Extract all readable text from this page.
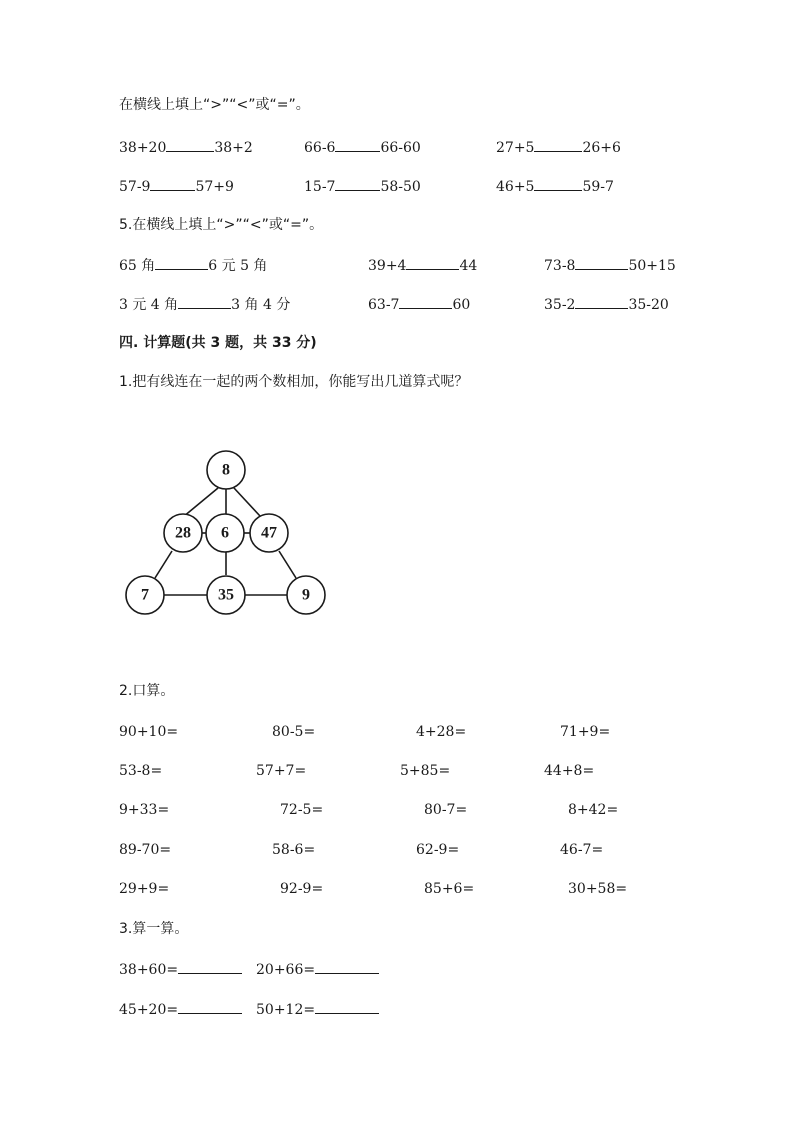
在横线上填上“>”“<”或“=”。
38+20	38+2	66-6	66-60	27+5	26+6
57-9	57+9	15-7	58-50	46+5	59-7
5.在横线上填上“>”“<”或“=”。
65 角	6 元 5 角	39+4	44	73-8	50+15
3 元 4 角	3 角 4 分	63-7	60	35-2	35-20
四. 计算题(共 3 题，共 33 分)
1.把有线连在一起的两个数相加，你能写出几道算式呢？
8
28 6 47
7	35	9
2.口算。
90+10=	80-5=	4+28=	71+9=
53-8=	57+7=	5+85=	44+8=
9+33=	72-5=	80-7=	8+42=
89-70=	58-6=	62-9=	46-7=
29+9=	92-9=	85+6=	30+58=
3.算一算。
38+60=	20+66=
45+20=	50+12=
